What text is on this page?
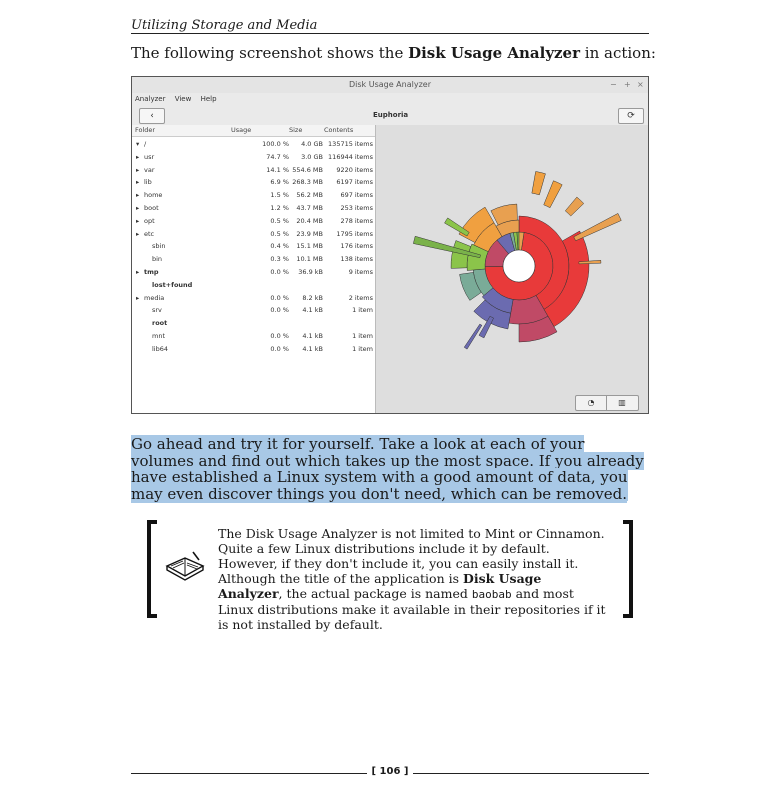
Utilizing Storage and Media
The following screenshot shows the Disk Usage Analyzer in action:
Disk Usage Analyzer	− + ×
Analyzer View Help
‹	Euphoria	⟳
Folder	Usage	Size	Contents
▾ /	100.0 % 4.0 GB 135715 items
▸ usr	74.7 % 3.0 GB 116944 items
▸ var	14.1 % 554.6 MB 9220 items
▸ lib	6.9 % 268.3 MB 6197 items
▸ home	1.5 % 56.2 MB	697 items
▸ boot	1.2 % 43.7 MB	253 items
▸ opt	0.5 % 20.4 MB	278 items
▸ etc	0.5 % 23.9 MB 1795 items
sbin	0.4 % 15.1 MB	176 items
bin	0.3 % 10.1 MB	138 items
▸ tmp	0.0 % 36.9 kB	9 items
lost+found
▸ media	0.0 % 8.2 kB	2 items
srv	0.0 % 4.1 kB	1 item
root
mnt	0.0 % 4.1 kB	1 item
lib64	0.0 % 4.1 kB	1 item
◔	▥
Go ahead and try it for yourself. Take a look at each of your volumes and find out which takes up the most space. If you already have established a Linux system with a good amount of data, you may even discover things you don't need, which can be removed.
The Disk Usage Analyzer is not limited to Mint or Cinnamon. Quite a few Linux distributions include it by default. However, if they don't include it, you can easily install it. Although the title of the application is Disk Usage Analyzer, the actual package is named baobab and most Linux distributions make it available in their repositories if it is not installed by default.
[ 106 ]
